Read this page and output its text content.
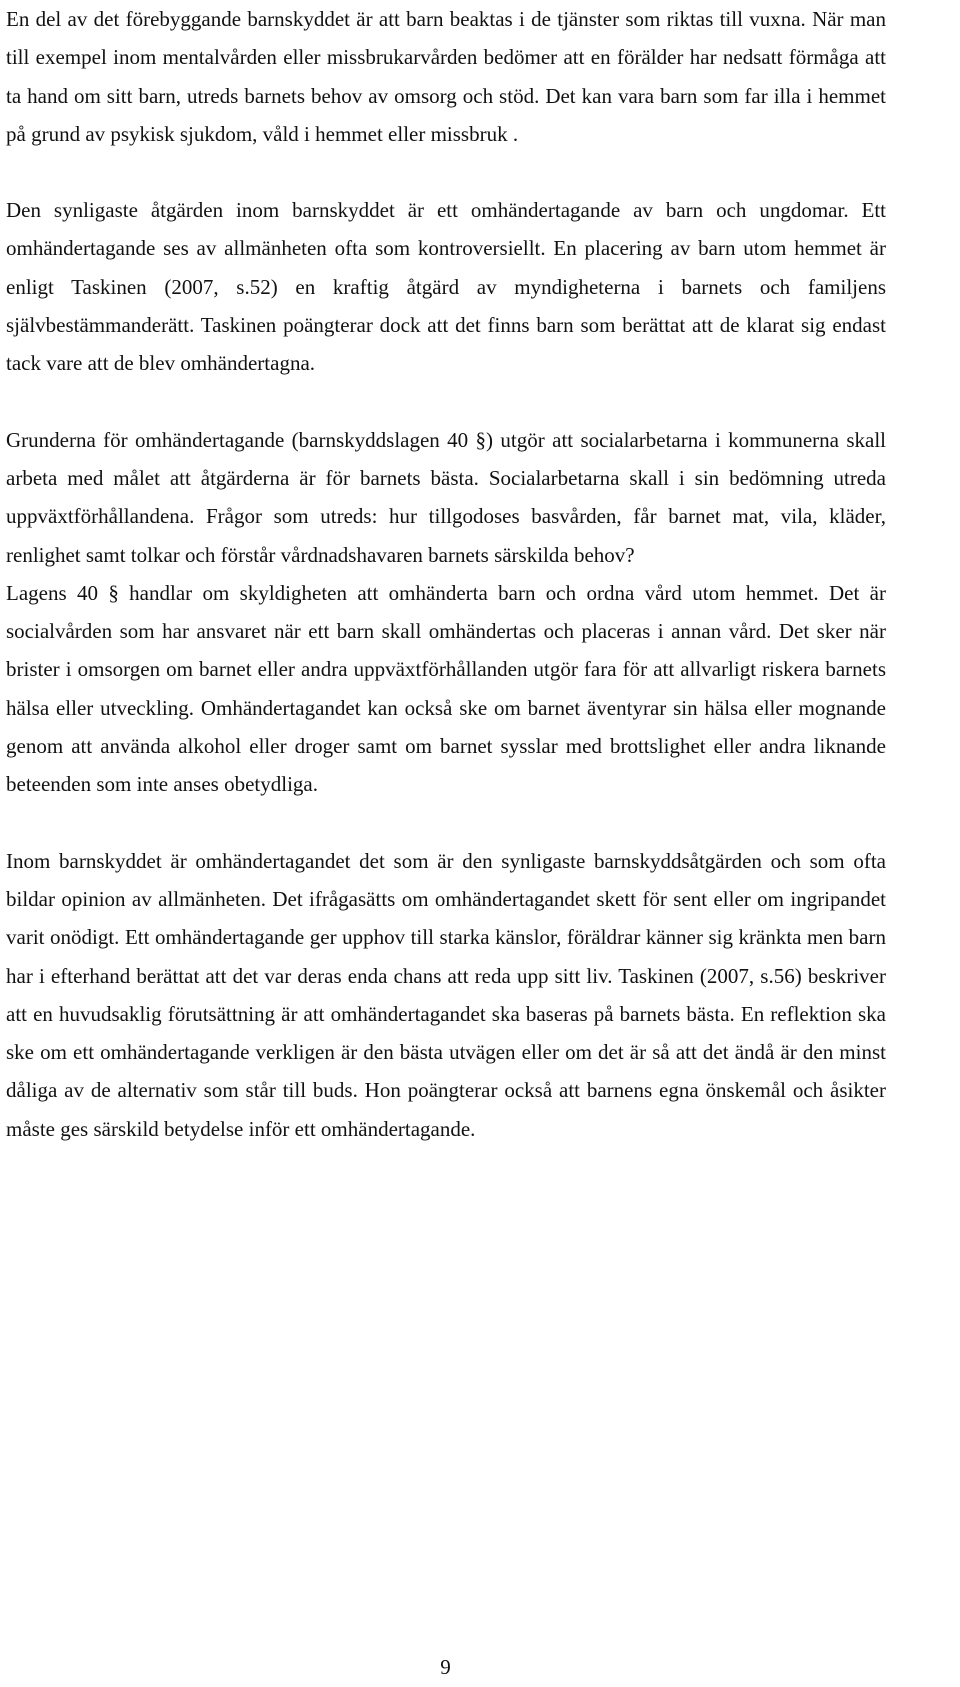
En del av det förebyggande barnskyddet är att barn beaktas i de tjänster som riktas till vuxna. När man till exempel inom mentalvården eller missbrukarvården bedömer att en förälder har nedsatt förmåga att ta hand om sitt barn, utreds barnets behov av omsorg och stöd. Det kan vara barn som far illa i hemmet på grund av psykisk sjukdom, våld i hemmet eller missbruk .

Den synligaste åtgärden inom barnskyddet är ett omhändertagande av barn och ungdomar. Ett omhändertagande ses av allmänheten ofta som kontroversiellt. En placering av barn utom hemmet är enligt Taskinen (2007, s.52) en kraftig åtgärd av myndigheterna i barnets och familjens självbestämmanderätt. Taskinen poängterar dock att det finns barn som berättat att de klarat sig endast tack vare att de blev omhändertagna.

Grunderna för omhändertagande (barnskyddslagen 40 §) utgör att socialarbetarna i kommunerna skall arbeta med målet att åtgärderna är för barnets bästa. Socialarbetarna skall i sin bedömning utreda uppväxtförhållandena. Frågor som utreds: hur tillgodoses basvården, får barnet mat, vila, kläder, renlighet samt tolkar och förstår vårdnadshavaren barnets särskilda behov?

Lagens 40 § handlar om skyldigheten att omhänderta barn och ordna vård utom hemmet. Det är socialvården som har ansvaret när ett barn skall omhändertas och placeras i annan vård. Det sker när brister i omsorgen om barnet eller andra uppväxtförhållanden utgör fara för att allvarligt riskera barnets hälsa eller utveckling. Omhändertagandet kan också ske om barnet äventyrar sin hälsa eller mognande genom att använda alkohol eller droger samt om barnet sysslar med brottslighet eller andra liknande beteenden som inte anses obetydliga.

Inom barnskyddet är omhändertagandet det som är den synligaste barnskyddsåtgärden och som ofta bildar opinion av allmänheten. Det ifrågasätts om omhändertagandet skett för sent eller om ingripandet varit onödigt. Ett omhändertagande ger upphov till starka känslor, föräldrar känner sig kränkta men barn har i efterhand berättat att det var deras enda chans att reda upp sitt liv. Taskinen (2007, s.56) beskriver att en huvudsaklig förutsättning är att omhändertagandet ska baseras på barnets bästa. En reflektion ska ske om ett omhändertagande verkligen är den bästa utvägen eller om det är så att det ändå är den minst dåliga av de alternativ som står till buds. Hon poängterar också att barnens egna önskemål och åsikter måste ges särskild betydelse inför ett omhändertagande.

9
